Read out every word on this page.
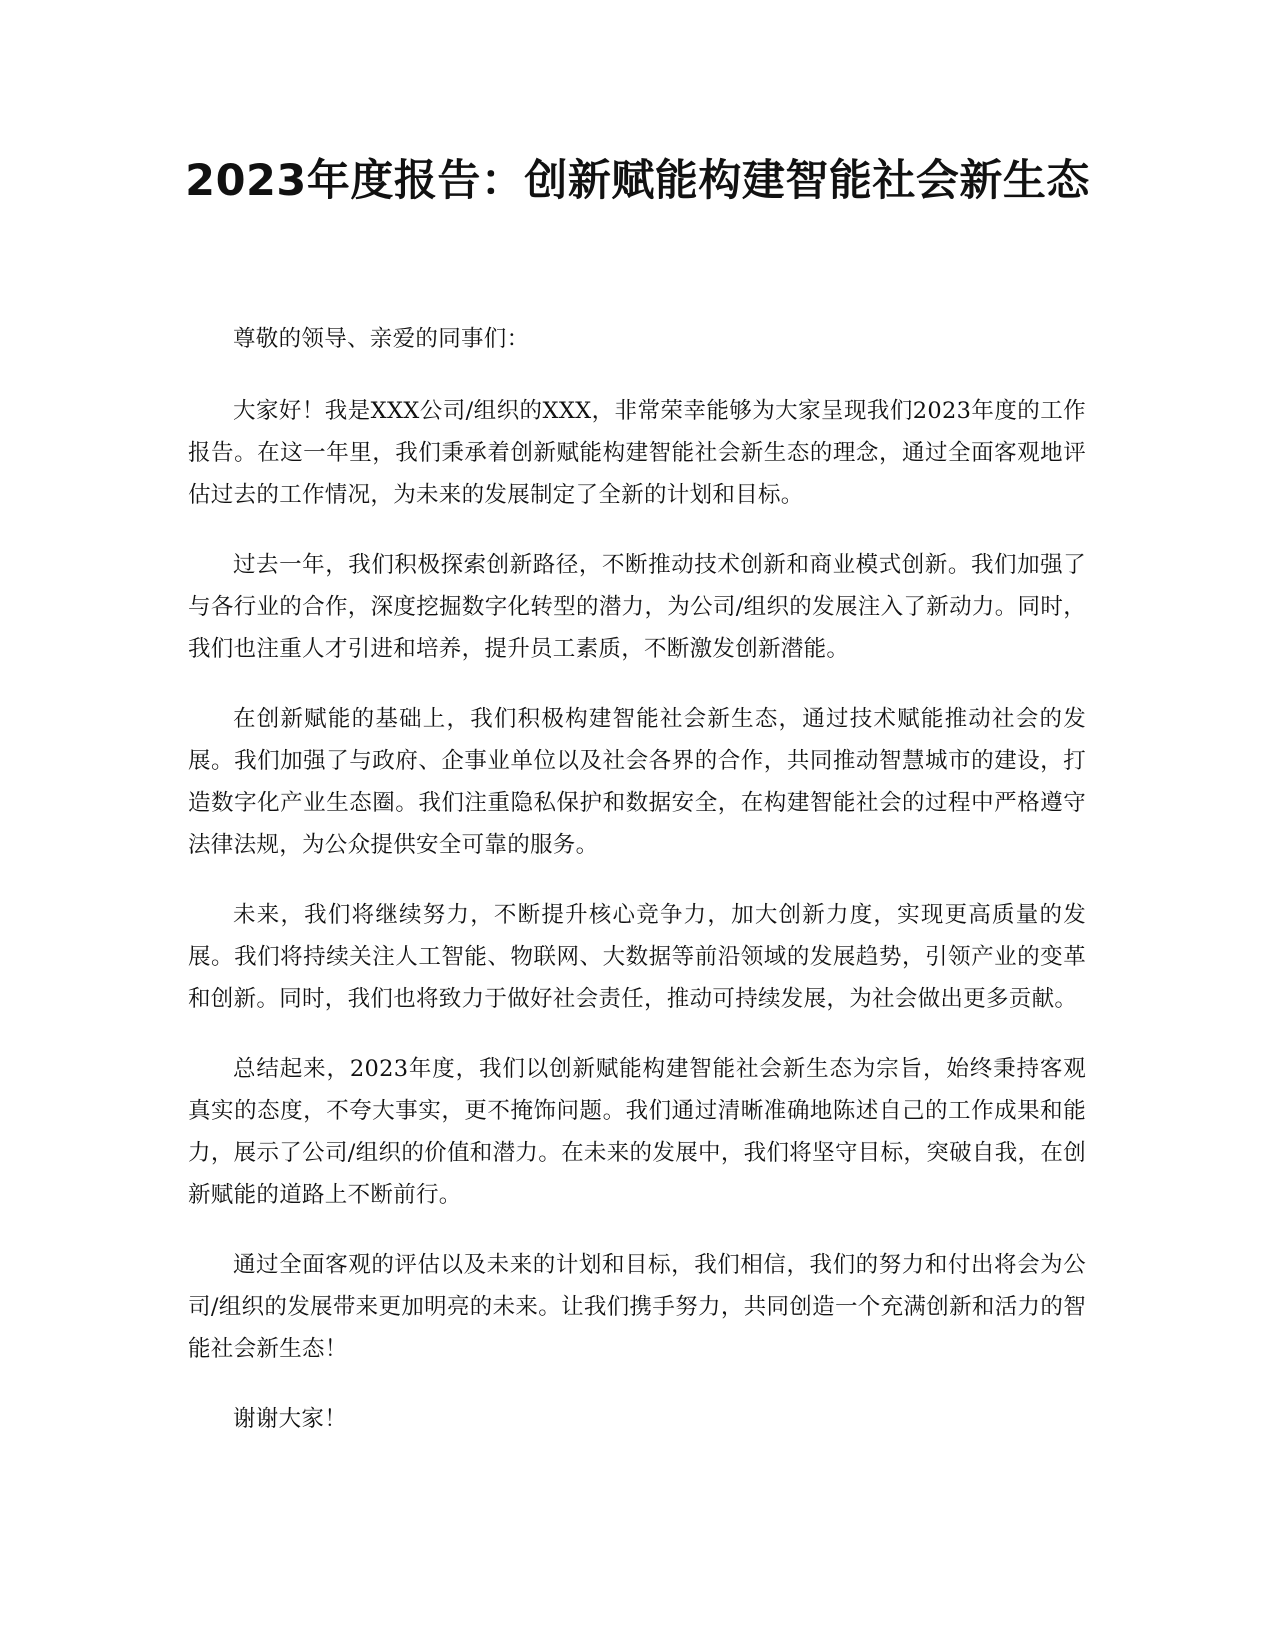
2023年度报告：创新赋能构建智能社会新生态

尊敬的领导、亲爱的同事们：

大家好！我是XXX公司/组织的XXX，非常荣幸能够为大家呈现我们2023年度的工作报告。在这一年里，我们秉承着创新赋能构建智能社会新生态的理念，通过全面客观地评估过去的工作情况，为未来的发展制定了全新的计划和目标。

过去一年，我们积极探索创新路径，不断推动技术创新和商业模式创新。我们加强了与各行业的合作，深度挖掘数字化转型的潜力，为公司/组织的发展注入了新动力。同时，我们也注重人才引进和培养，提升员工素质，不断激发创新潜能。

在创新赋能的基础上，我们积极构建智能社会新生态，通过技术赋能推动社会的发展。我们加强了与政府、企事业单位以及社会各界的合作，共同推动智慧城市的建设，打造数字化产业生态圈。我们注重隐私保护和数据安全，在构建智能社会的过程中严格遵守法律法规，为公众提供安全可靠的服务。

未来，我们将继续努力，不断提升核心竞争力，加大创新力度，实现更高质量的发展。我们将持续关注人工智能、物联网、大数据等前沿领域的发展趋势，引领产业的变革和创新。同时，我们也将致力于做好社会责任，推动可持续发展，为社会做出更多贡献。

总结起来，2023年度，我们以创新赋能构建智能社会新生态为宗旨，始终秉持客观真实的态度，不夸大事实，更不掩饰问题。我们通过清晰准确地陈述自己的工作成果和能力，展示了公司/组织的价值和潜力。在未来的发展中，我们将坚守目标，突破自我，在创新赋能的道路上不断前行。

通过全面客观的评估以及未来的计划和目标，我们相信，我们的努力和付出将会为公司/组织的发展带来更加明亮的未来。让我们携手努力，共同创造一个充满创新和活力的智能社会新生态！

谢谢大家！
